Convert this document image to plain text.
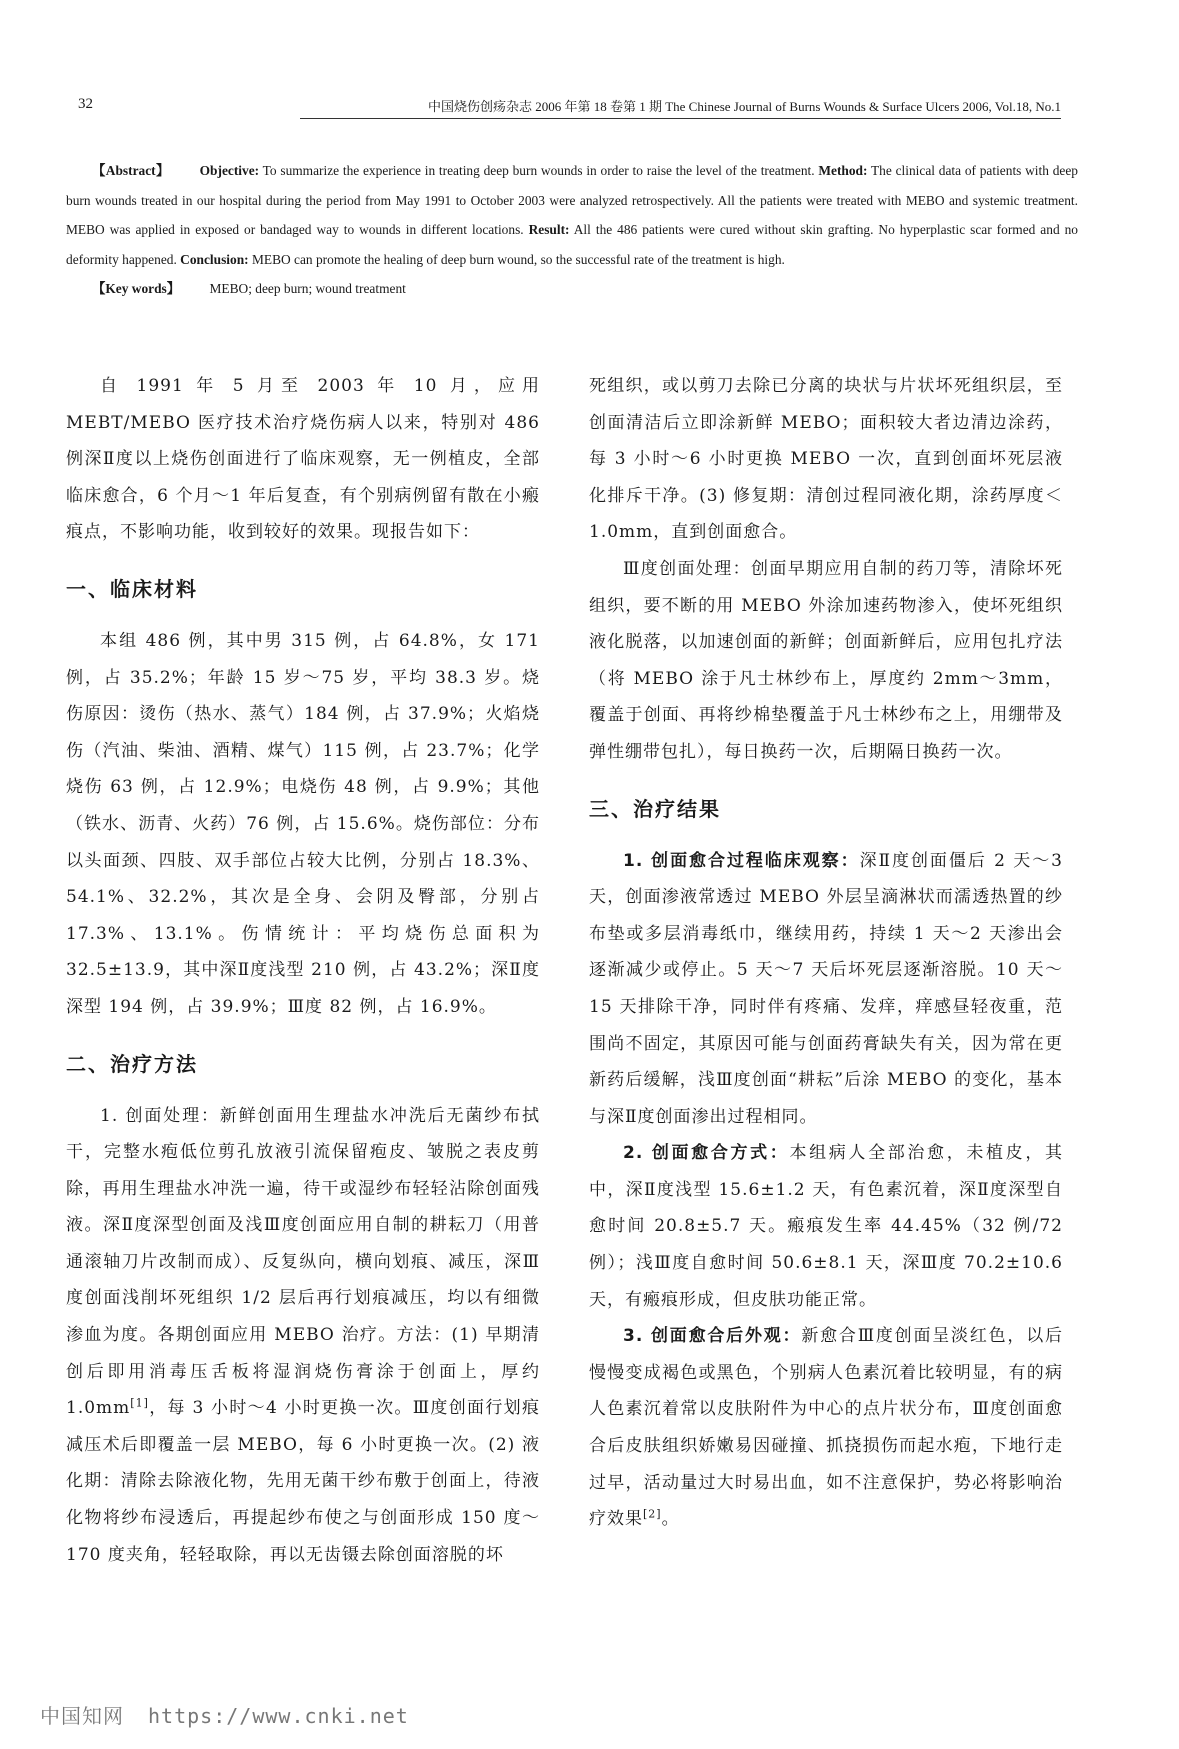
32	中国烧伤创疡杂志 2006 年第 18 卷第 1 期 The Chinese Journal of Burns Wounds & Surface Ulcers 2006, Vol.18, No.1
【Abstract】 Objective: To summarize the experience in treating deep burn wounds in order to raise the level of the treatment. Method: The clinical data of patients with deep burn wounds treated in our hospital during the period from May 1991 to October 2003 were analyzed retrospectively. All the patients were treated with MEBO and systemic treatment. MEBO was applied in exposed or bandaged way to wounds in different locations. Result: All the 486 patients were cured without skin grafting. No hyperplastic scar formed and no deformity happened. Conclusion: MEBO can promote the healing of deep burn wound, so the successful rate of the treatment is high.
【Key words】 MEBO; deep burn; wound treatment

自 1991 年 5 月至 2003 年 10 月，应用 MEBT/MEBO 医疗技术治疗烧伤病人以来，特别对 486 例深Ⅱ度以上烧伤创面进行了临床观察，无一例植皮，全部临床愈合，6 个月～1 年后复查，有个别病例留有散在小瘢痕点，不影响功能，收到较好的效果。现报告如下：

一、临床材料

本组 486 例，其中男 315 例，占 64.8%，女 171 例，占 35.2%；年龄 15 岁～75 岁，平均 38.3 岁。烧伤原因：烫伤（热水、蒸气）184 例，占 37.9%；火焰烧伤（汽油、柴油、酒精、煤气）115 例，占 23.7%；化学烧伤 63 例，占 12.9%；电烧伤 48 例，占 9.9%；其他（铁水、沥青、火药）76 例，占 15.6%。烧伤部位：分布以头面颈、四肢、双手部位占较大比例，分别占 18.3%、54.1%、32.2%，其次是全身、会阴及臀部，分别占 17.3%、13.1%。伤情统计：平均烧伤总面积为 32.5±13.9，其中深Ⅱ度浅型 210 例，占 43.2%；深Ⅱ度深型 194 例，占 39.9%；Ⅲ度 82 例，占 16.9%。

二、治疗方法

1. 创面处理：新鲜创面用生理盐水冲洗后无菌纱布拭干，完整水疱低位剪孔放液引流保留疱皮、皱脱之表皮剪除，再用生理盐水冲洗一遍，待干或湿纱布轻轻沾除创面残液。深Ⅱ度深型创面及浅Ⅲ度创面应用自制的耕耘刀（用普通滚轴刀片改制而成）、反复纵向，横向划痕、减压，深Ⅲ度创面浅削坏死组织 1/2 层后再行划痕减压，均以有细微渗血为度。各期创面应用 MEBO 治疗。方法：(1) 早期清创后即用消毒压舌板将湿润烧伤膏涂于创面上，厚约 1.0mm[1]，每 3 小时～4 小时更换一次。Ⅲ度创面行划痕减压术后即覆盖一层 MEBO，每 6 小时更换一次。(2) 液化期：清除去除液化物，先用无菌干纱布敷于创面上，待液化物将纱布浸透后，再提起纱布使之与创面形成 150 度～170 度夹角，轻轻取除，再以无齿镊去除创面溶脱的坏

死组织，或以剪刀去除已分离的块状与片状坏死组织层，至创面清洁后立即涂新鲜 MEBO；面积较大者边清边涂药，每 3 小时～6 小时更换 MEBO 一次，直到创面坏死层液化排斥干净。(3) 修复期：清创过程同液化期，涂药厚度＜1.0mm，直到创面愈合。

Ⅲ度创面处理：创面早期应用自制的药刀等，清除坏死组织，要不断的用 MEBO 外涂加速药物渗入，使坏死组织液化脱落，以加速创面的新鲜；创面新鲜后，应用包扎疗法（将 MEBO 涂于凡士林纱布上，厚度约 2mm～3mm，覆盖于创面、再将纱棉垫覆盖于凡士林纱布之上，用绷带及弹性绷带包扎），每日换药一次，后期隔日换药一次。

三、治疗结果

1. 创面愈合过程临床观察：深Ⅱ度创面僵后 2 天～3 天，创面渗液常透过 MEBO 外层呈滴淋状而濡透热置的纱布垫或多层消毒纸巾，继续用药，持续 1 天～2 天渗出会逐渐减少或停止。5 天～7 天后坏死层逐渐溶脱。10 天～15 天排除干净，同时伴有疼痛、发痒，痒感昼轻夜重，范围尚不固定，其原因可能与创面药膏缺失有关，因为常在更新药后缓解，浅Ⅲ度创面“耕耘”后涂 MEBO 的变化，基本与深Ⅱ度创面渗出过程相同。

2. 创面愈合方式：本组病人全部治愈，未植皮，其中，深Ⅱ度浅型 15.6±1.2 天，有色素沉着，深Ⅱ度深型自愈时间 20.8±5.7 天。瘢痕发生率 44.45%（32 例/72 例）；浅Ⅲ度自愈时间 50.6±8.1 天，深Ⅲ度 70.2±10.6 天，有瘢痕形成，但皮肤功能正常。

3. 创面愈合后外观：新愈合Ⅲ度创面呈淡红色，以后慢慢变成褐色或黑色，个别病人色素沉着比较明显，有的病人色素沉着常以皮肤附件为中心的点片状分布，Ⅲ度创面愈合后皮肤组织娇嫩易因碰撞、抓挠损伤而起水疱，下地行走过早，活动量过大时易出血，如不注意保护，势必将影响治疗效果[2]。

中国知网 https://www.cnki.net
